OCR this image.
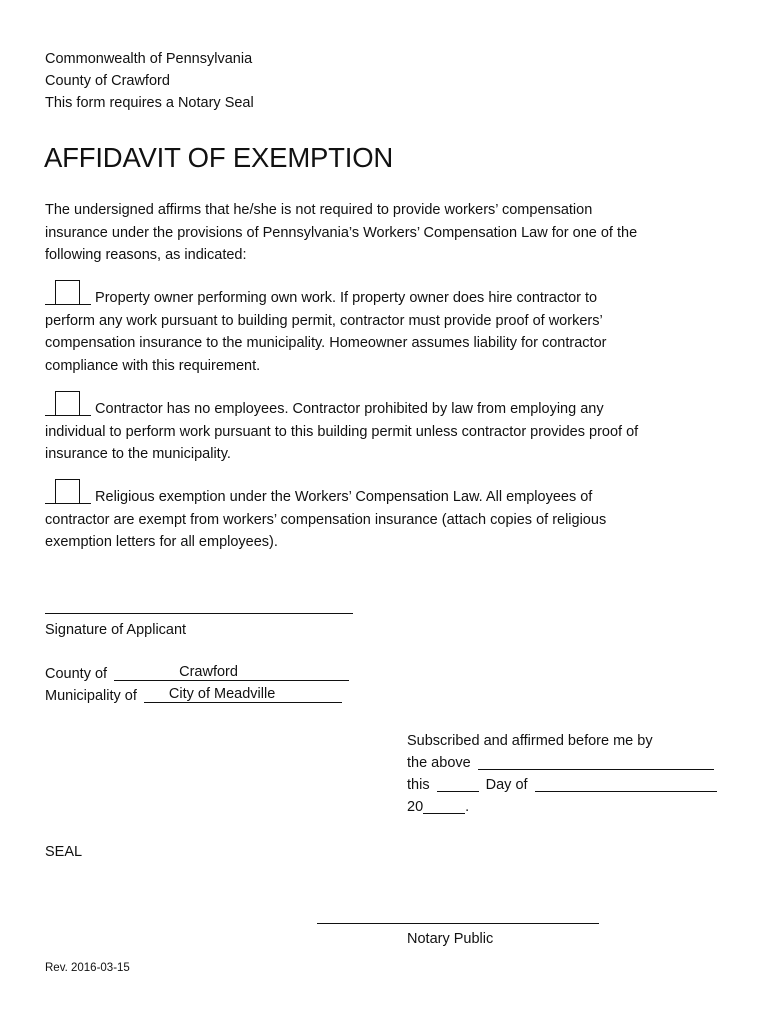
Commonwealth of Pennsylvania
County of Crawford
This form requires a Notary Seal
AFFIDAVIT OF EXEMPTION
The undersigned affirms that he/she is not required to provide workers’ compensation
insurance under the provisions of Pennsylvania’s Workers’ Compensation Law for one of the
following reasons, as indicated:
Property owner performing own work. If property owner does hire contractor to
perform any work pursuant to building permit, contractor must provide proof of workers’
compensation insurance to the municipality. Homeowner assumes liability for contractor
compliance with this requirement.
Contractor has no employees. Contractor prohibited by law from employing any
individual to perform work pursuant to this building permit unless contractor provides proof of
insurance to the municipality.
Religious exemption under the Workers’ Compensation Law. All employees of
contractor are exempt from workers’ compensation insurance (attach copies of religious
exemption letters for all employees).
Signature of Applicant
County of	Crawford
Municipality of City of Meadville
Subscribed and affirmed before me by
the above
this	Day of
20	.
SEAL
Notary Public
Rev. 2016-03-15
